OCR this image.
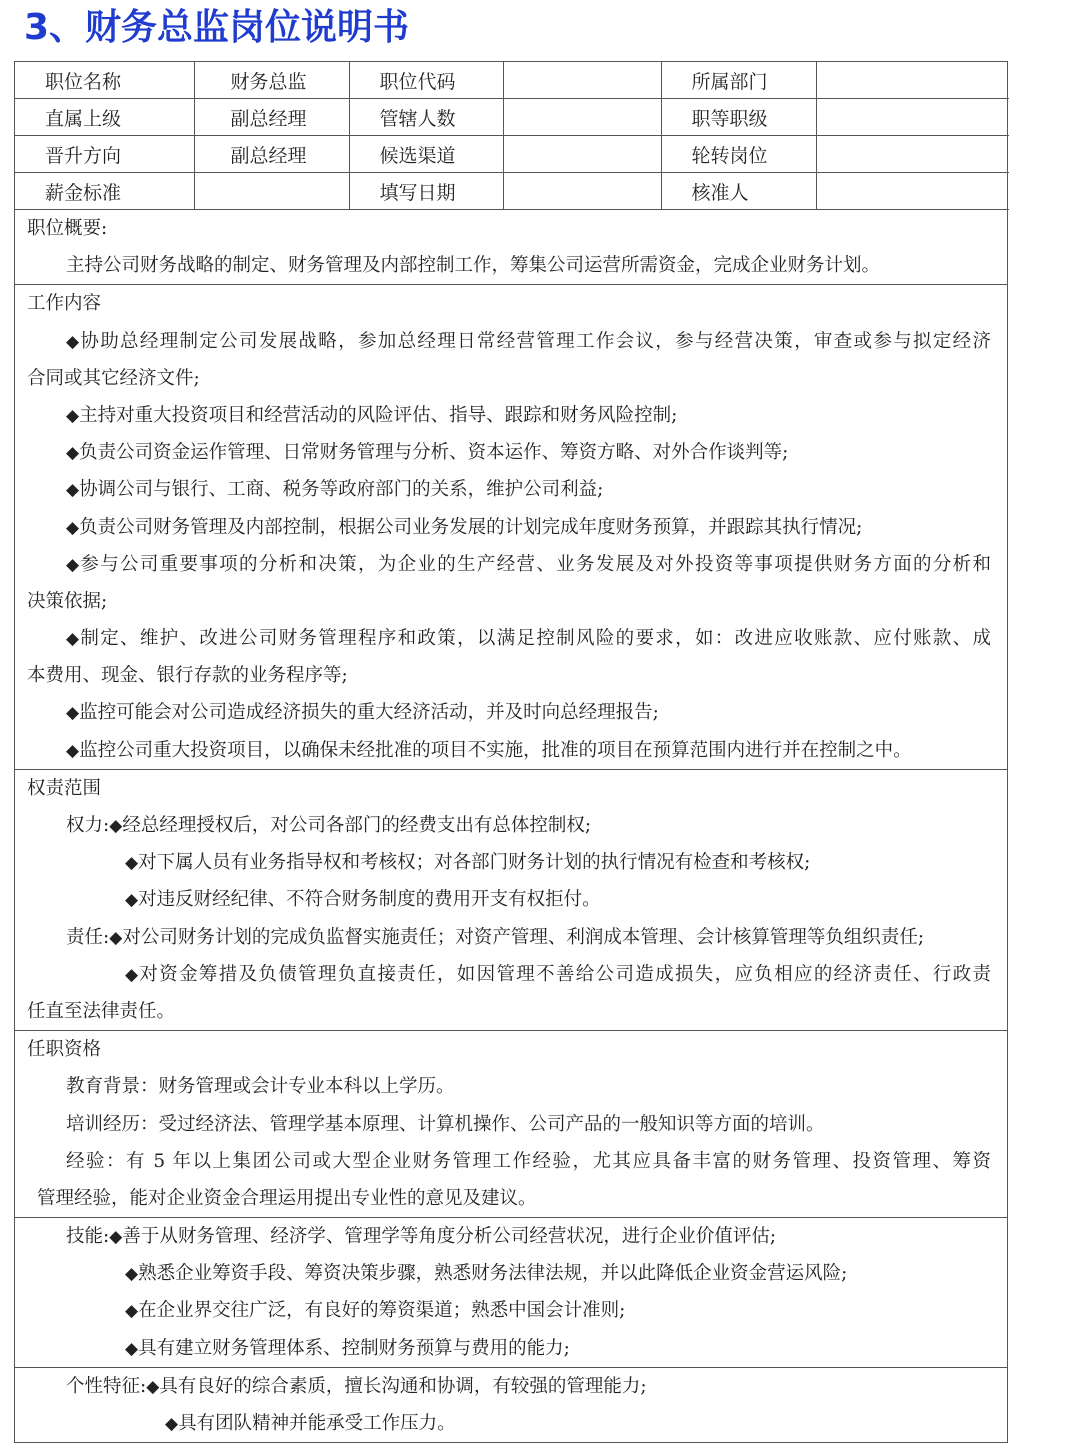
3、财务总监岗位说明书
职位名称	财务总监	职位代码		所属部门	
直属上级	副总经理	管辖人数		职等职级	
晋升方向	副总经理	候选渠道		轮转岗位	
薪金标准		填写日期		核准人	
职位概要:
主持公司财务战略的制定、财务管理及内部控制工作，筹集公司运营所需资金，完成企业财务计划。
工作内容
◆协助总经理制定公司发展战略，参加总经理日常经营管理工作会议，参与经营决策，审查或参与拟定经济
合同或其它经济文件;
◆主持对重大投资项目和经营活动的风险评估、指导、跟踪和财务风险控制;
◆负责公司资金运作管理、日常财务管理与分析、资本运作、筹资方略、对外合作谈判等;
◆协调公司与银行、工商、税务等政府部门的关系，维护公司利益;
◆负责公司财务管理及内部控制，根据公司业务发展的计划完成年度财务预算，并跟踪其执行情况;
◆参与公司重要事项的分析和决策，为企业的生产经营、业务发展及对外投资等事项提供财务方面的分析和
决策依据;
◆制定、维护、改进公司财务管理程序和政策，以满足控制风险的要求，如：改进应收账款、应付账款、成
本费用、现金、银行存款的业务程序等;
◆监控可能会对公司造成经济损失的重大经济活动，并及时向总经理报告;
◆监控公司重大投资项目，以确保未经批准的项目不实施，批准的项目在预算范围内进行并在控制之中。
权责范围
权力:◆经总经理授权后，对公司各部门的经费支出有总体控制权;
◆对下属人员有业务指导权和考核权；对各部门财务计划的执行情况有检查和考核权;
◆对违反财经纪律、不符合财务制度的费用开支有权拒付。
责任:◆对公司财务计划的完成负监督实施责任；对资产管理、利润成本管理、会计核算管理等负组织责任;
◆对资金筹措及负债管理负直接责任，如因管理不善给公司造成损失，应负相应的经济责任、行政责
任直至法律责任。
任职资格
教育背景：财务管理或会计专业本科以上学历。
培训经历：受过经济法、管理学基本原理、计算机操作、公司产品的一般知识等方面的培训。
经验：有 5 年以上集团公司或大型企业财务管理工作经验，尤其应具备丰富的财务管理、投资管理、筹资
管理经验，能对企业资金合理运用提出专业性的意见及建议。
技能:◆善于从财务管理、经济学、管理学等角度分析公司经营状况，进行企业价值评估;
◆熟悉企业筹资手段、筹资决策步骤，熟悉财务法律法规，并以此降低企业资金营运风险;
◆在企业界交往广泛，有良好的筹资渠道；熟悉中国会计准则;
◆具有建立财务管理体系、控制财务预算与费用的能力;
个性特征:◆具有良好的综合素质，擅长沟通和协调，有较强的管理能力;
◆具有团队精神并能承受工作压力。
